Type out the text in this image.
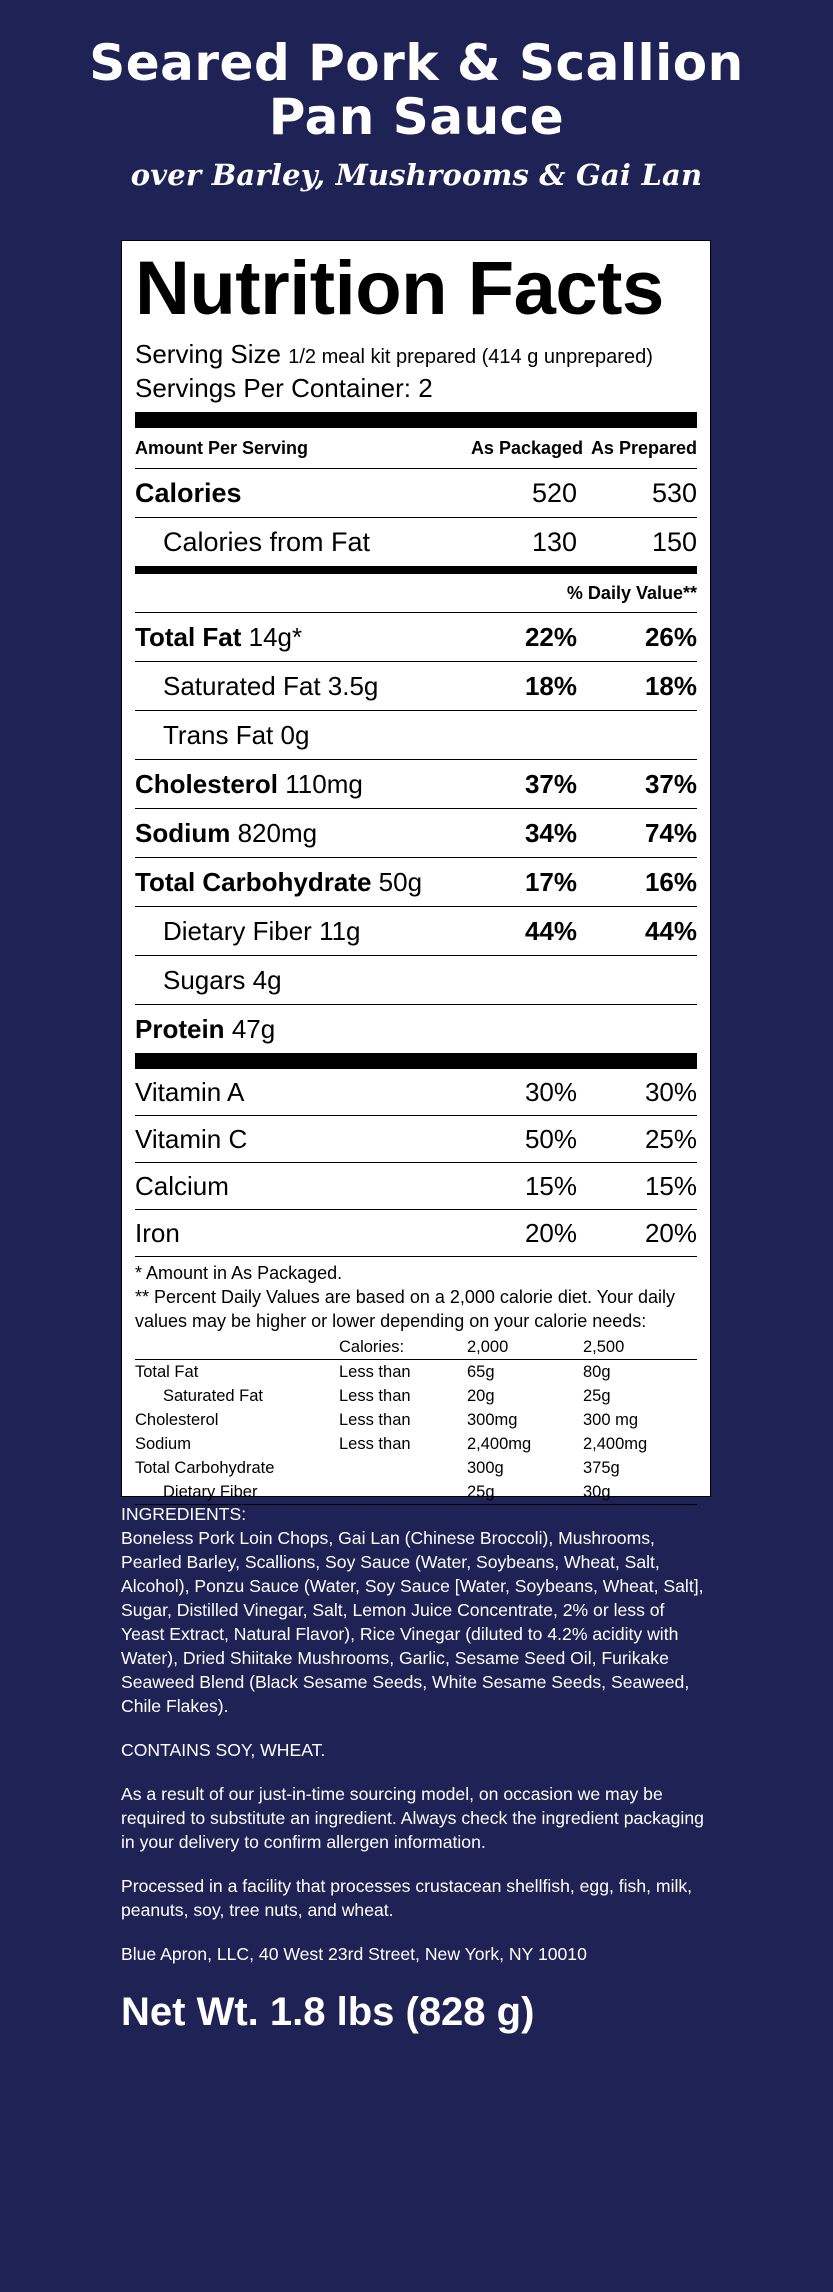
Seared Pork & Scallion Pan Sauce
over Barley, Mushrooms & Gai Lan
Nutrition Facts
Serving Size 1/2 meal kit prepared (414 g unprepared)
Servings Per Container: 2
Amount Per Serving	As Packaged As Prepared
Calories	520	530
Calories from Fat	130	150
% Daily Value**
Total Fat 14g*	22%	26%
Saturated Fat 3.5g	18%	18%
Trans Fat 0g
Cholesterol 110mg	37%	37%
Sodium 820mg	34%	74%
Total Carbohydrate 50g	17%	16%
Dietary Fiber 11g	44%	44%
Sugars 4g
Protein 47g
Vitamin A	30%	30%
Vitamin C	50%	25%
Calcium	15%	15%
Iron	20%	20%
* Amount in As Packaged.
** Percent Daily Values are based on a 2,000 calorie diet. Your daily values may be higher or lower depending on your calorie needs:
	Calories:	2,000	2,500
Total Fat	Less than	65g	80g
Saturated Fat	Less than	20g	25g
Cholesterol	Less than	300mg	300 mg
Sodium	Less than	2,400mg	2,400mg
Total Carbohydrate		300g	375g
Dietary Fiber		25g	30g

INGREDIENTS:
Boneless Pork Loin Chops, Gai Lan (Chinese Broccoli), Mushrooms, Pearled Barley, Scallions, Soy Sauce (Water, Soybeans, Wheat, Salt, Alcohol), Ponzu Sauce (Water, Soy Sauce [Water, Soybeans, Wheat, Salt], Sugar, Distilled Vinegar, Salt, Lemon Juice Concentrate, 2% or less of Yeast Extract, Natural Flavor), Rice Vinegar (diluted to 4.2% acidity with Water), Dried Shiitake Mushrooms, Garlic, Sesame Seed Oil, Furikake Seaweed Blend (Black Sesame Seeds, White Sesame Seeds, Seaweed, Chile Flakes).

CONTAINS SOY, WHEAT.

As a result of our just-in-time sourcing model, on occasion we may be required to substitute an ingredient. Always check the ingredient packaging in your delivery to confirm allergen information.

Processed in a facility that processes crustacean shellfish, egg, fish, milk, peanuts, soy, tree nuts, and wheat.

Blue Apron, LLC, 40 West 23rd Street, New York, NY 10010

Net Wt. 1.8 lbs (828 g)
